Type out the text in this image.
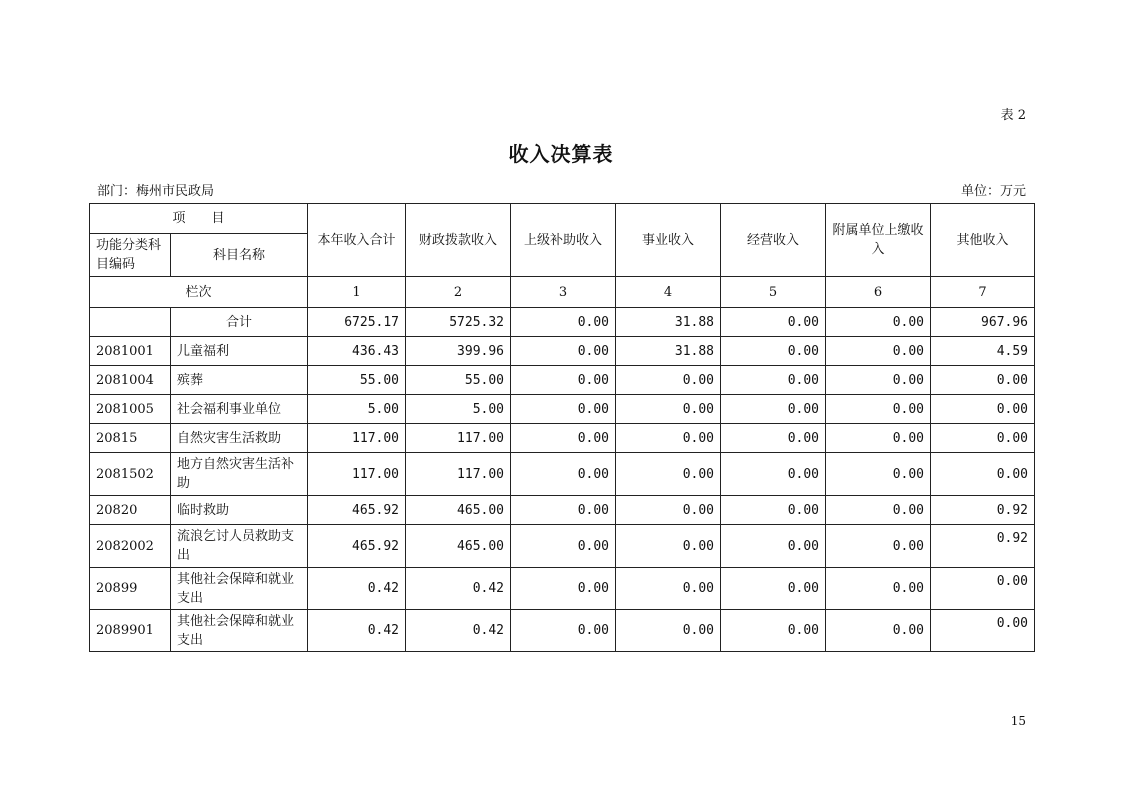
表 2
收入决算表
部门：梅州市民政局	单位：万元
项　　目		本年收入合计	财政拨款收入	上级补助收入	事业收入	经营收入	附属单位上缴收入	其他收入
功能分类科目编码	科目名称							
栏次		1	2	3	4	5	6	7
	合计	6725.17	5725.32	0.00	31.88	0.00	0.00	967.96
2081001	儿童福利	436.43	399.96	0.00	31.88	0.00	0.00	4.59
2081004	殡葬	55.00	55.00	0.00	0.00	0.00	0.00	0.00
2081005	社会福利事业单位	5.00	5.00	0.00	0.00	0.00	0.00	0.00
20815	自然灾害生活救助	117.00	117.00	0.00	0.00	0.00	0.00	0.00
2081502	地方自然灾害生活补助	117.00	117.00	0.00	0.00	0.00	0.00	0.00
20820	临时救助	465.92	465.00	0.00	0.00	0.00	0.00	0.92
2082002	流浪乞讨人员救助支出	465.92	465.00	0.00	0.00	0.00	0.00	0.92
20899	其他社会保障和就业支出	0.42	0.42	0.00	0.00	0.00	0.00	0.00
2089901	其他社会保障和就业支出	0.42	0.42	0.00	0.00	0.00	0.00	0.00
15
